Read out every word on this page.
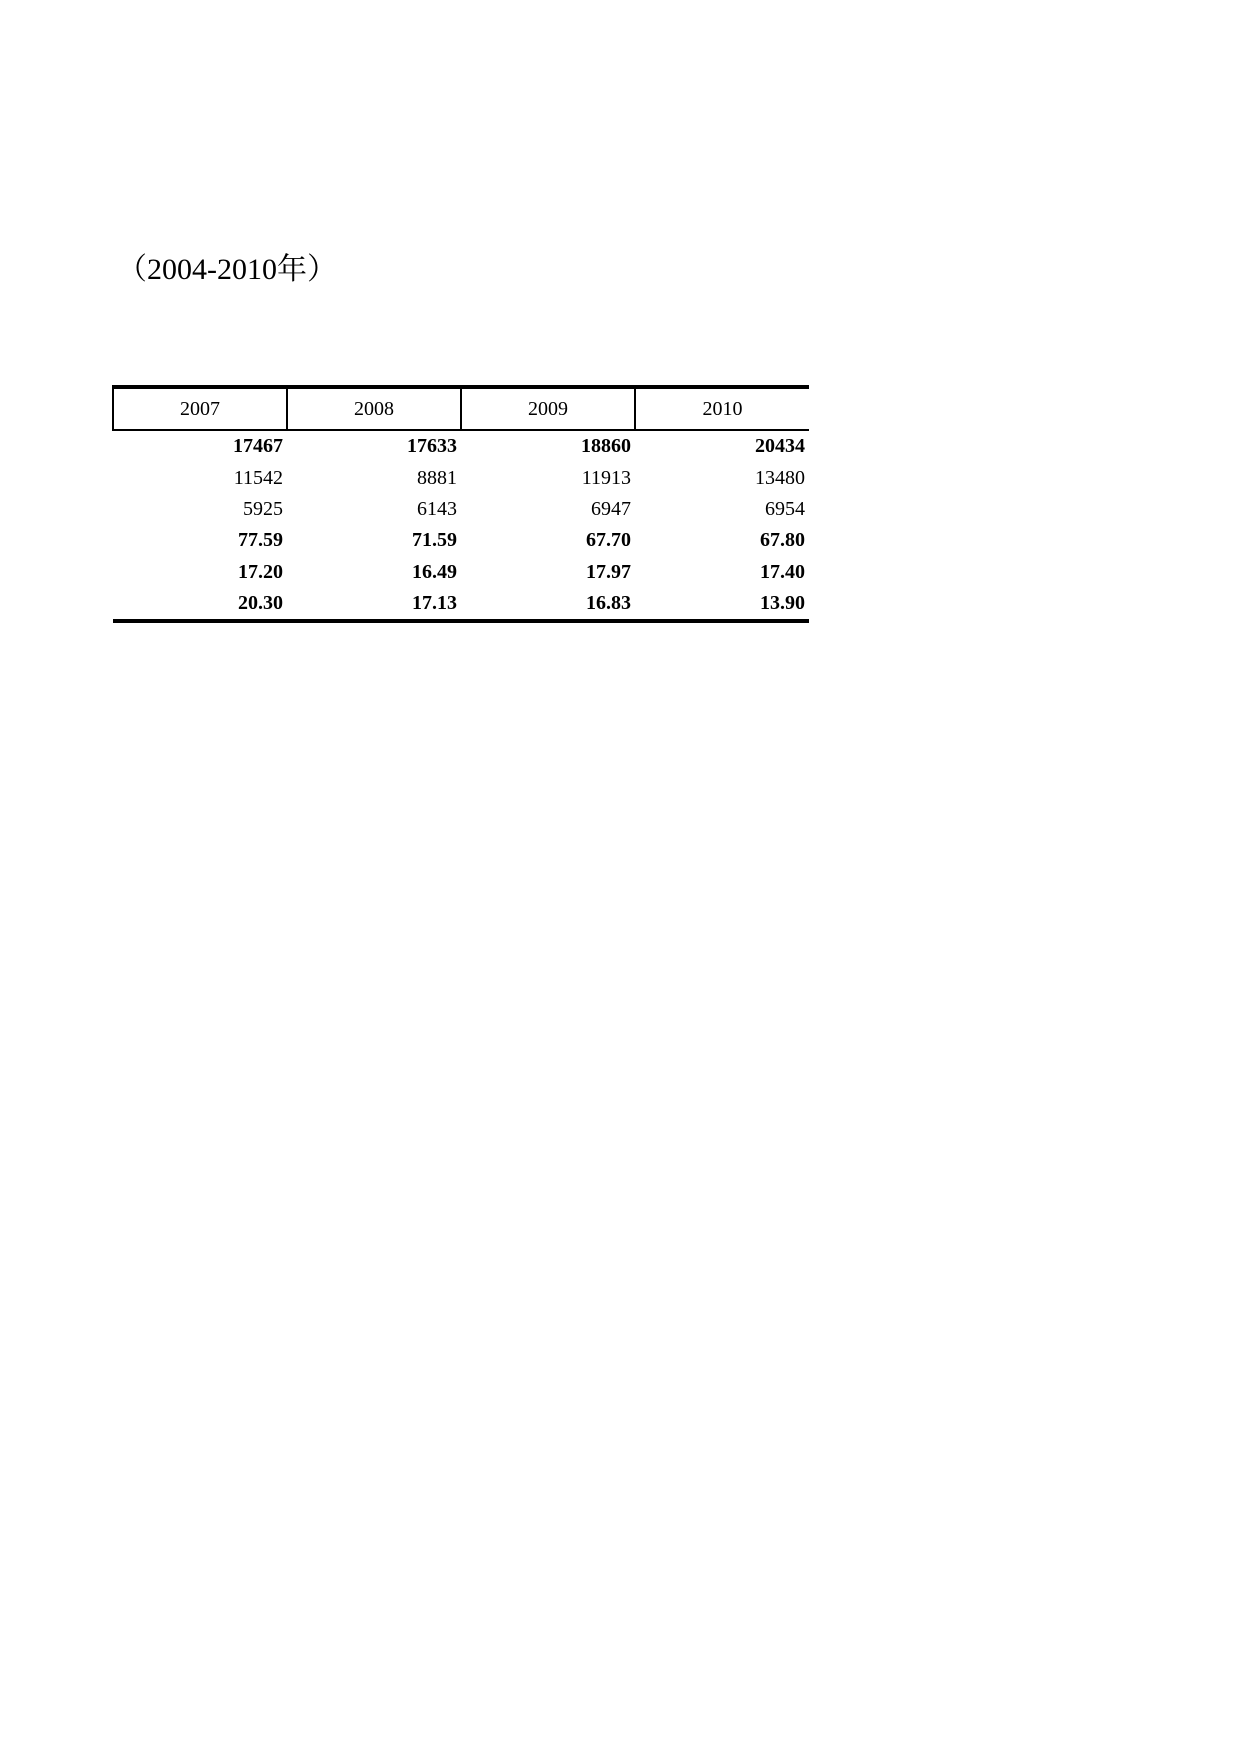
（2004-2010年）
2007	2008	2009	2010
17467	17633	18860	20434
11542	8881	11913	13480
5925	6143	6947	6954
77.59	71.59	67.70	67.80
17.20	16.49	17.97	17.40
20.30	17.13	16.83	13.90
